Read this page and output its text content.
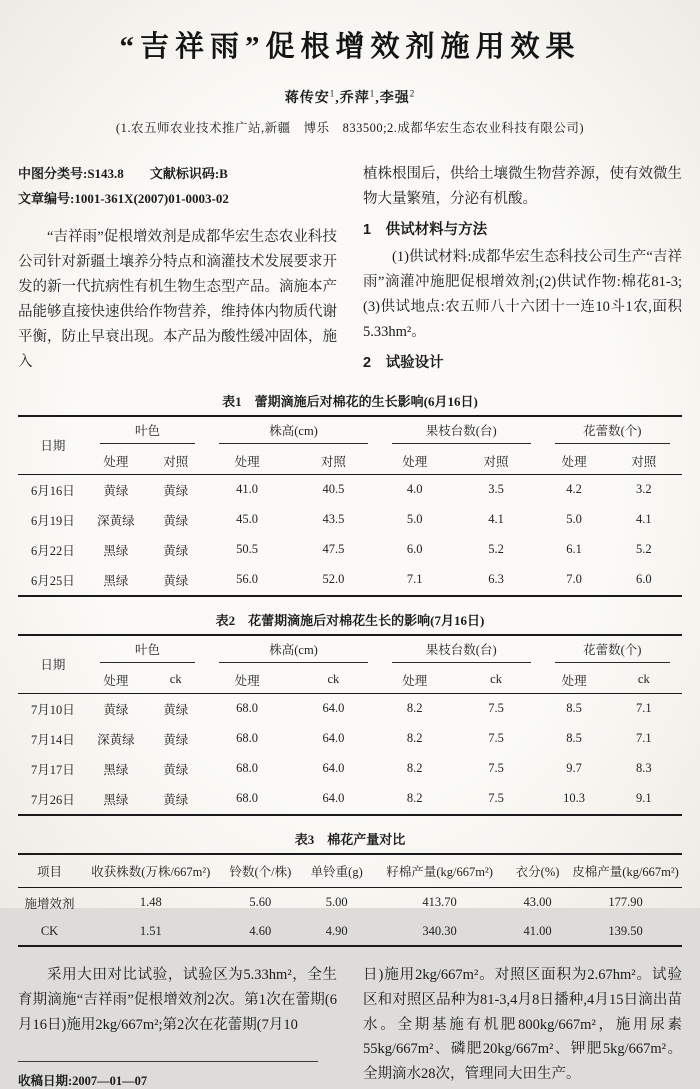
“吉祥雨”促根增效剂施用效果
蒋传安$^1$,乔萍$^1$,李强$^2$
(1.农五师农业技术推广站,新疆　博乐　833500;2.成都华宏生态农业科技有限公司)
中图分类号:S143.8 文献标识码:B
文章编号:1001-361X(2007)01-0003-02

“吉祥雨”促根增效剂是成都华宏生态农业科技公司针对新疆土壤养分特点和滴灌技术发展要求开发的新一代抗病性有机生物生态型产品。滴施本产品能够直接快速供给作物营养，维持体内物质代谢平衡，防止早衰出现。本产品为酸性缓冲固体，施入

植株根围后，供给土壤微生物营养源，使有效微生物大量繁殖，分泌有机酸。

1　供试材料与方法

(1)供试材料:成都华宏生态科技公司生产“吉祥雨”滴灌冲施肥促根增效剂;(2)供试作物:棉花81-3;(3)供试地点:农五师八十六团十一连10斗1农,面积5.33hm²。

2　试验设计
表1　蕾期滴施后对棉花的生长影响(6月16日)
日期	叶色		株高(cm)		果枝台数(台)		花蕾数(个)	

	处理	对照	处理	对照	处理	对照	处理	对照
6月16日	黄绿	黄绿	41.0	40.5	4.0	3.5	4.2	3.2
6月19日	深黄绿	黄绿	45.0	43.5	5.0	4.1	5.0	4.1
6月22日	黑绿	黄绿	50.5	47.5	6.0	5.2	6.1	5.2
6月25日	黑绿	黄绿	56.0	52.0	7.1	6.3	7.0	6.0
表2　花蕾期滴施后对棉花生长的影响(7月16日)
日期	叶色		株高(cm)		果枝台数(台)		花蕾数(个)	

	处理	ck	处理	ck	处理	ck	处理	ck
7月10日	黄绿	黄绿	68.0	64.0	8.2	7.5	8.5	7.1
7月14日	深黄绿	黄绿	68.0	64.0	8.2	7.5	8.5	7.1
7月17日	黑绿	黄绿	68.0	64.0	8.2	7.5	9.7	8.3
7月26日	黑绿	黄绿	68.0	64.0	8.2	7.5	10.3	9.1
表3　棉花产量对比
项目	收获株数(万株/667m²)	铃数(个/株)	单铃重(g)	籽棉产量(kg/667m²)	衣分(%)	皮棉产量(kg/667m²)
施增效剂	1.48	5.60	5.00	413.70	43.00	177.90
CK	1.51	4.60	4.90	340.30	41.00	139.50

采用大田对比试验，试验区为5.33hm²，全生育期滴施“吉祥雨”促根增效剂2次。第1次在蕾期(6月16日)施用2kg/667m²;第2次在花蕾期(7月10

收稿日期:2007—01—07

日)施用2kg/667m²。对照区面积为2.67hm²。试验区和对照区品种为81-3,4月8日播种,4月15日滴出苗水。全期基施有机肥800kg/667m²，施用尿素55kg/667m²、磷肥20kg/667m²、钾肥5kg/667m²。全期滴水28次，管理同大田生产。
